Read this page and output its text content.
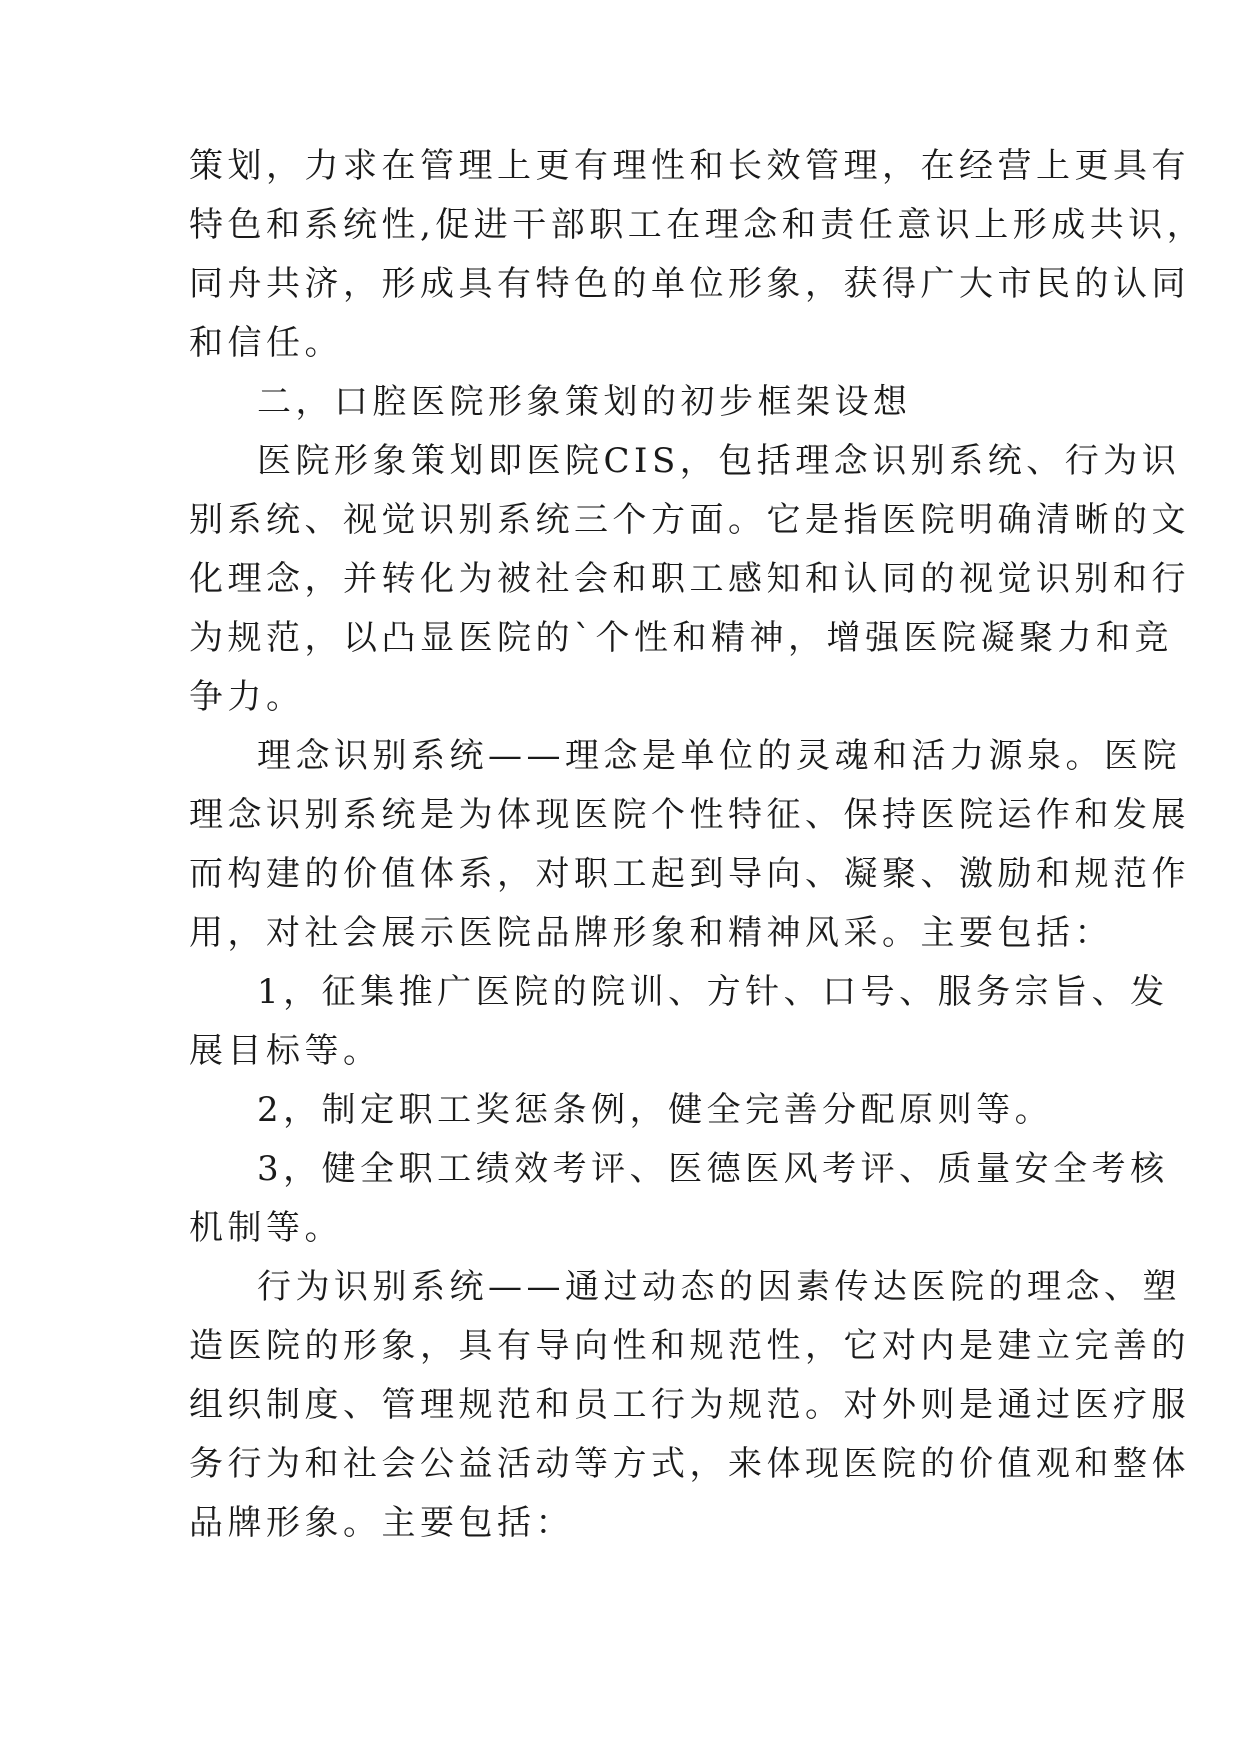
策划，力求在管理上更有理性和长效管理，在经营上更具有

特色和系统性,促进干部职工在理念和责任意识上形成共识，

同舟共济，形成具有特色的单位形象，获得广大市民的认同

和信任。

二，口腔医院形象策划的初步框架设想

医院形象策划即医院CIS，包括理念识别系统、行为识

别系统、视觉识别系统三个方面。它是指医院明确清晰的文

化理念，并转化为被社会和职工感知和认同的视觉识别和行

为规范，以凸显医院的`个性和精神，增强医院凝聚力和竞

争力。

理念识别系统——理念是单位的灵魂和活力源泉。医院

理念识别系统是为体现医院个性特征、保持医院运作和发展

而构建的价值体系，对职工起到导向、凝聚、激励和规范作

用，对社会展示医院品牌形象和精神风采。主要包括：

1，征集推广医院的院训、方针、口号、服务宗旨、发

展目标等。

2，制定职工奖惩条例，健全完善分配原则等。

3，健全职工绩效考评、医德医风考评、质量安全考核

机制等。

行为识别系统——通过动态的因素传达医院的理念、塑

造医院的形象，具有导向性和规范性，它对内是建立完善的

组织制度、管理规范和员工行为规范。对外则是通过医疗服

务行为和社会公益活动等方式，来体现医院的价值观和整体

品牌形象。主要包括：
